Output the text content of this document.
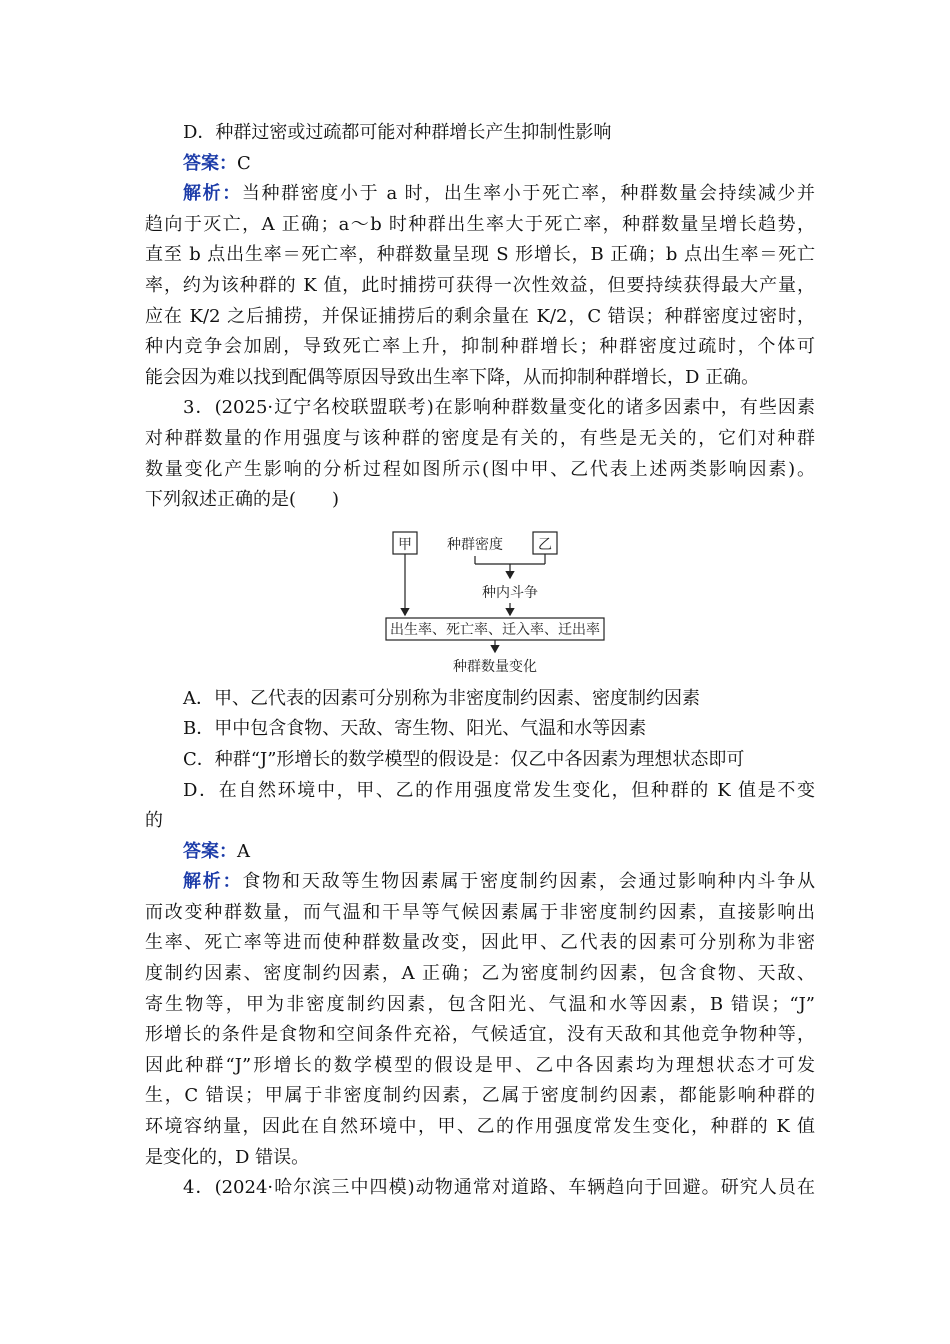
D．种群过密或过疏都可能对种群增长产生抑制性影响
答案：C
解析：当种群密度小于 a 时，出生率小于死亡率，种群数量会持续减少并
趋向于灭亡，A 正确；a～b 时种群出生率大于死亡率，种群数量呈增长趋势，
直至 b 点出生率＝死亡率，种群数量呈现 S 形增长，B 正确；b 点出生率＝死亡
率，约为该种群的 K 值，此时捕捞可获得一次性效益，但要持续获得最大产量，
应在 K/2 之后捕捞，并保证捕捞后的剩余量在 K/2，C 错误；种群密度过密时，
种内竞争会加剧，导致死亡率上升，抑制种群增长；种群密度过疏时，个体可
能会因为难以找到配偶等原因导致出生率下降，从而抑制种群增长，D 正确。
3．(2025·辽宁名校联盟联考)在影响种群数量变化的诸多因素中，有些因素
对种群数量的作用强度与该种群的密度是有关的，有些是无关的，它们对种群
数量变化产生影响的分析过程如图所示(图中甲、乙代表上述两类影响因素)。
下列叙述正确的是(　　)
甲	种群密度	乙
种内斗争
出生率、死亡率、迁入率、迁出率
种群数量变化
A．甲、乙代表的因素可分别称为非密度制约因素、密度制约因素
B．甲中包含食物、天敌、寄生物、阳光、气温和水等因素
C．种群“J”形增长的数学模型的假设是：仅乙中各因素为理想状态即可
D．在自然环境中，甲、乙的作用强度常发生变化，但种群的 K 值是不变
的
答案：A
解析：食物和天敌等生物因素属于密度制约因素，会通过影响种内斗争从
而改变种群数量，而气温和干旱等气候因素属于非密度制约因素，直接影响出
生率、死亡率等进而使种群数量改变，因此甲、乙代表的因素可分别称为非密
度制约因素、密度制约因素，A 正确；乙为密度制约因素，包含食物、天敌、
寄生物等，甲为非密度制约因素，包含阳光、气温和水等因素，B 错误；“J”
形增长的条件是食物和空间条件充裕，气候适宜，没有天敌和其他竞争物种等，
因此种群“J”形增长的数学模型的假设是甲、乙中各因素均为理想状态才可发
生，C 错误；甲属于非密度制约因素，乙属于密度制约因素，都能影响种群的
环境容纳量，因此在自然环境中，甲、乙的作用强度常发生变化，种群的 K 值
是变化的，D 错误。
4．(2024·哈尔滨三中四模)动物通常对道路、车辆趋向于回避。研究人员在
